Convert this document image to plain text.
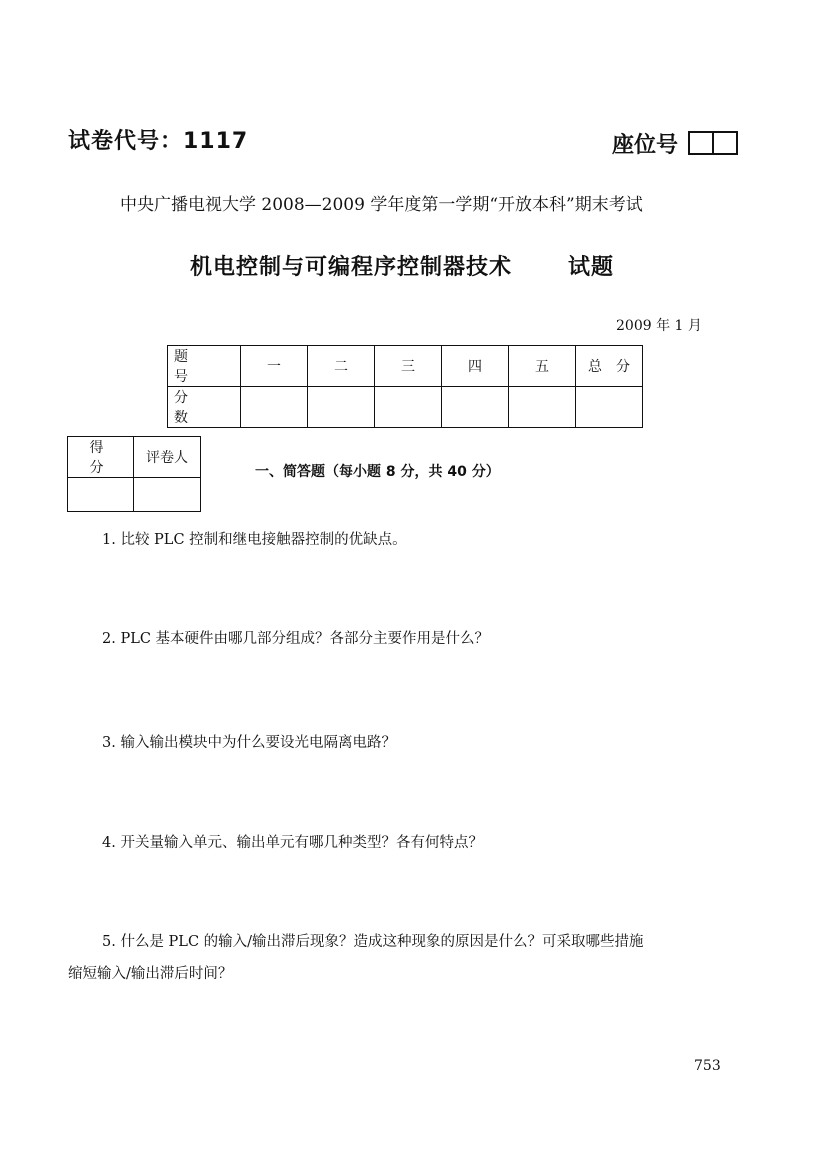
试卷代号：1117	座位号
中央广播电视大学 2008—2009 学年度第一学期“开放本科”期末考试
机电控制与可编程序控制器技术	试题
2009 年 1 月
题　号	一	二	三	四	五	总　分
分　数						
得　分	评卷人

一、简答题（每小题 8 分，共 40 分）
1. 比较 PLC 控制和继电接触器控制的优缺点。
2. PLC 基本硬件由哪几部分组成？各部分主要作用是什么？
3. 输入输出模块中为什么要设光电隔离电路？
4. 开关量输入单元、输出单元有哪几种类型？各有何特点？
5. 什么是 PLC 的输入/输出滞后现象？造成这种现象的原因是什么？可采取哪些措施
缩短输入/输出滞后时间？
753
